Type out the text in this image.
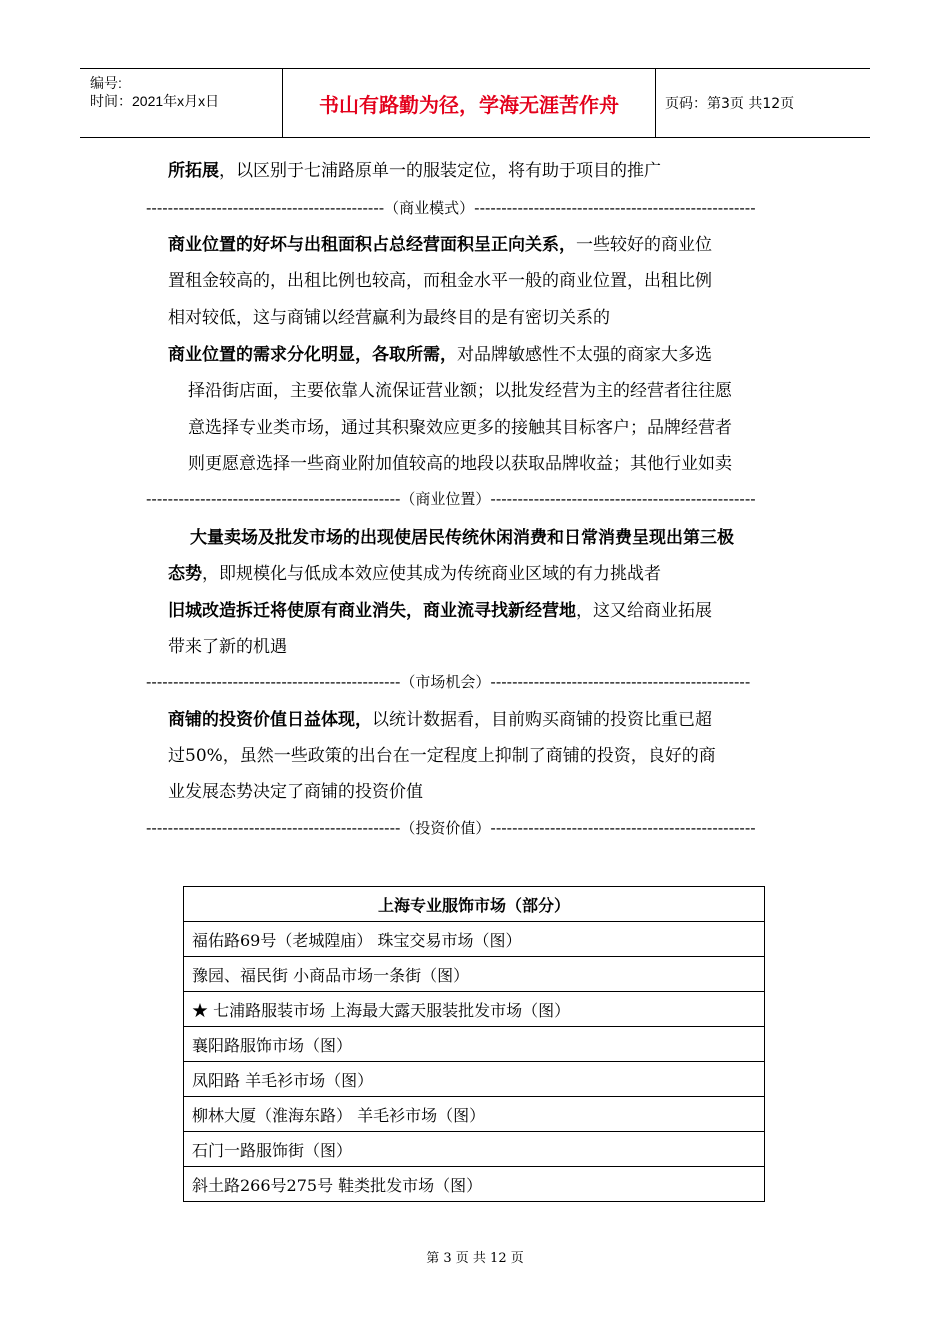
编号:
时间：2021年x月x日	书山有路勤为径，学海无涯苦作舟	页码：第3页 共12页
所拓展，以区别于七浦路原单一的服装定位，将有助于项目的推广
--------------------------------------------（商业模式）----------------------------------------------------
商业位置的好坏与出租面积占总经营面积呈正向关系，一些较好的商业位
置租金较高的，出租比例也较高，而租金水平一般的商业位置，出租比例
相对较低，这与商铺以经营赢利为最终目的是有密切关系的
商业位置的需求分化明显，各取所需，对品牌敏感性不太强的商家大多选
择沿街店面，主要依靠人流保证营业额；以批发经营为主的经营者往往愿
意选择专业类市场，通过其积聚效应更多的接触其目标客户；品牌经营者
则更愿意选择一些商业附加值较高的地段以获取品牌收益；其他行业如卖
-----------------------------------------------（商业位置）-------------------------------------------------
大量卖场及批发市场的出现使居民传统休闲消费和日常消费呈现出第三极
态势，即规模化与低成本效应使其成为传统商业区域的有力挑战者
旧城改造拆迁将使原有商业消失，商业流寻找新经营地，这又给商业拓展
带来了新的机遇
-----------------------------------------------（市场机会）------------------------------------------------
商铺的投资价值日益体现，以统计数据看，目前购买商铺的投资比重已超
过50%，虽然一些政策的出台在一定程度上抑制了商铺的投资，良好的商
业发展态势决定了商铺的投资价值
-----------------------------------------------（投资价值）-------------------------------------------------
上海专业服饰市场（部分）
福佑路69号（老城隍庙） 珠宝交易市场（图）
豫园、福民街 小商品市场一条街（图）
★ 七浦路服装市场 上海最大露天服装批发市场（图）
襄阳路服饰市场（图）
凤阳路 羊毛衫市场（图）
柳林大厦（淮海东路） 羊毛衫市场（图）
石门一路服饰街（图）
斜土路266号275号 鞋类批发市场（图）
第 3 页 共 12 页
